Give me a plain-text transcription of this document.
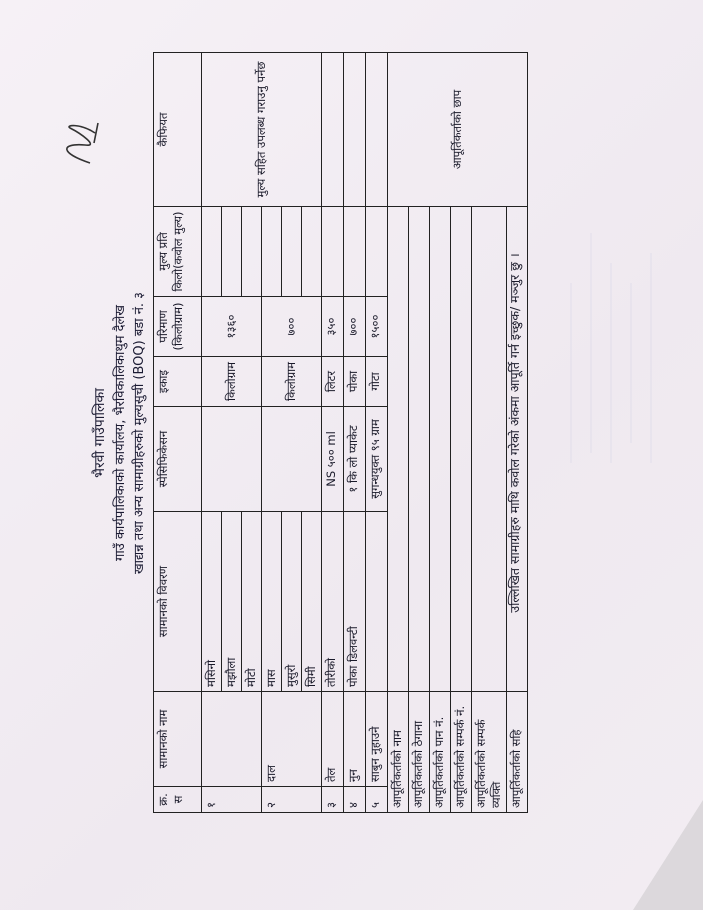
भैरवी गाउँपालिका गाउँ कार्यपालिकाको कार्यालय, भैरविकालिकाथुम दैलेख खाद्यन्न तथा अन्य सामाग्रीहरुको मुल्यसुची (BOQ) बडा नं. ३
क्र. स	सामानको नाम	सामानको विवरण	स्पेसिफिकेसन	इकाइ	परिमाण (किलोग्राम)	मुल्य प्रति किलो(कवोल मुल्य)	कैफियत
१		मसिनो		किलोग्राम	१३६०		मुल्य सहित उपलब्ध गराउनु पर्नेछ
		मझौला					
		मोटो					
२	दाल	मास		किलोग्राम	७००		
		मुसुरो					
		सिमी					
३	तेल	तोरीको	NS ५०० ml	लिटर	३५०		
४	नुन	पोका डिलवन्टी	१ कि लो प्याकेट	पोका	७००		
५	साबुन नुहाउने		सुगन्धयुक्त ९५ ग्राम	गोटा	१५००		
आपूर्तिकर्ताको नाम							आपूर्तिकर्ताको छाप
आपूर्तिकर्ताको ठेगाना							
आपूर्तिकर्ताको पान नं.							
आपूर्तिकर्ताको सम्पर्क नं.							
आपूर्तिकर्ताको सम्पर्क व्यक्ति							
आपूर्तिकर्ताको सहि							
उल्लिखित सामाग्रीहरु माथि कवोल गरेको अंकमा आपूर्ति गर्न इच्छुक/ मञ्जुर छु ।
